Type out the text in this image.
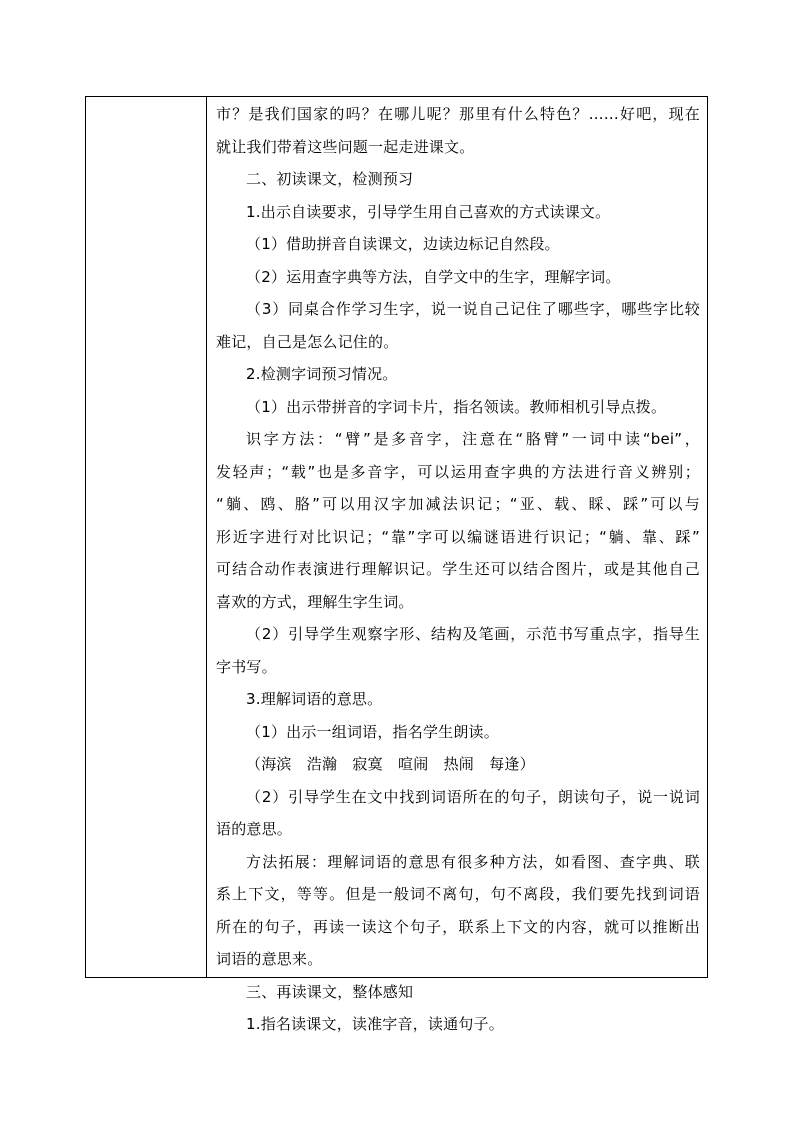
市？是我们国家的吗？在哪儿呢？那里有什么特色？……好吧，现在
就让我们带着这些问题一起走进课文。
二、初读课文，检测预习
1.出示自读要求，引导学生用自己喜欢的方式读课文。
（1）借助拼音自读课文，边读边标记自然段。
（2）运用查字典等方法，自学文中的生字，理解字词。
（3）同桌合作学习生字，说一说自己记住了哪些字，哪些字比较
难记，自己是怎么记住的。
2.检测字词预习情况。
（1）出示带拼音的字词卡片，指名领读。教师相机引导点拨。
识字方法：“臂”是多音字，注意在“胳臂”一词中读“bei”，
发轻声；“载”也是多音字，可以运用查字典的方法进行音义辨别；
“躺、鸥、胳”可以用汉字加减法识记；“亚、载、睬、踩”可以与
形近字进行对比识记；“靠”字可以编谜语进行识记；“躺、靠、踩”
可结合动作表演进行理解识记。学生还可以结合图片，或是其他自己
喜欢的方式，理解生字生词。
（2）引导学生观察字形、结构及笔画，示范书写重点字，指导生
字书写。
3.理解词语的意思。
（1）出示一组词语，指名学生朗读。
（海滨　浩瀚　寂寞　喧闹　热闹　每逢）
（2）引导学生在文中找到词语所在的句子，朗读句子，说一说词
语的意思。
方法拓展：理解词语的意思有很多种方法，如看图、查字典、联
系上下文，等等。但是一般词不离句，句不离段，我们要先找到词语
所在的句子，再读一读这个句子，联系上下文的内容，就可以推断出
词语的意思来。
三、再读课文，整体感知
1.指名读课文，读准字音，读通句子。
